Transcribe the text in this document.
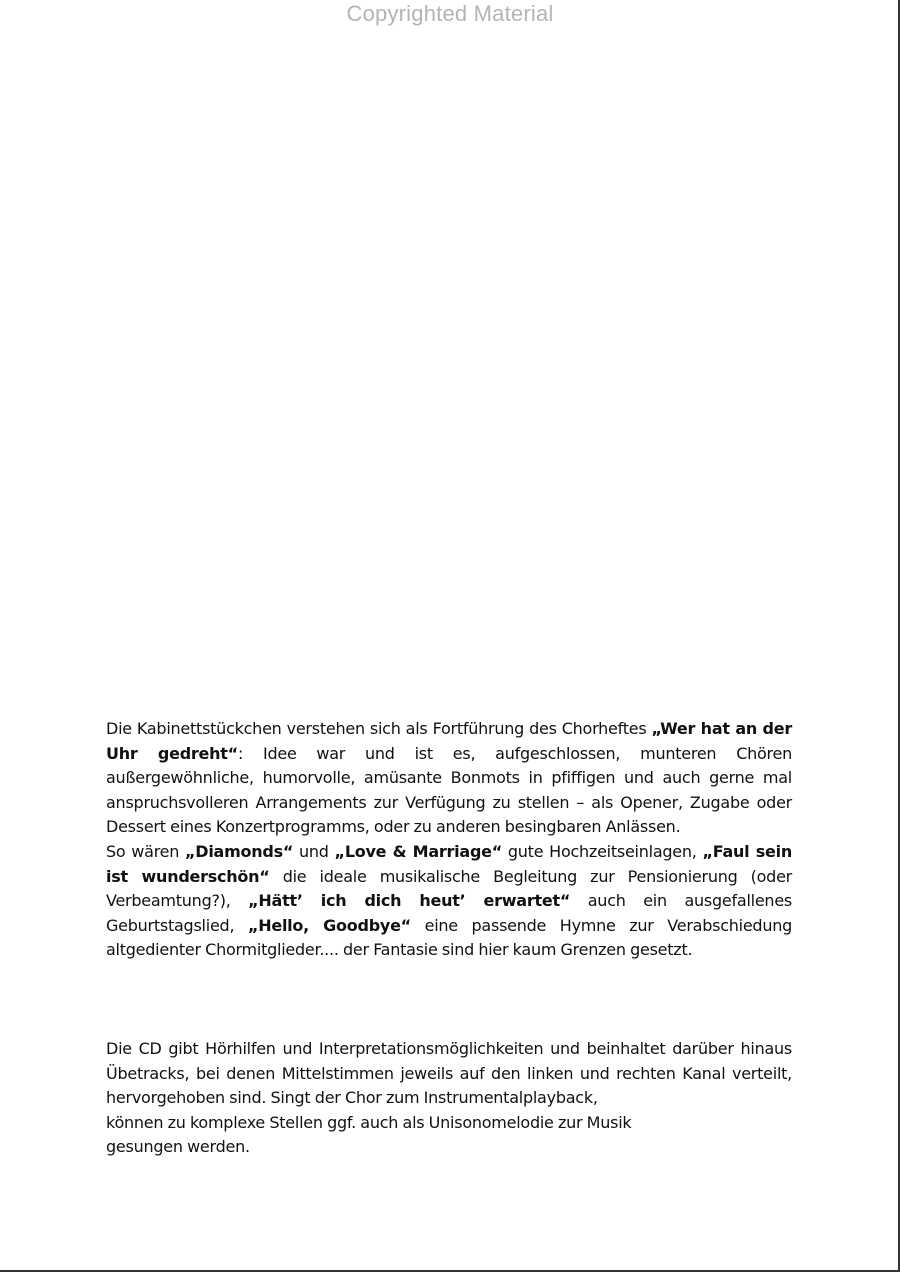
Copyrighted Material

Die Kabinettstückchen verstehen sich als Fortführung des Chorheftes „Wer hat an der Uhr gedreht“: Idee war und ist es, aufgeschlossen, munteren Chören außergewöhnliche, humorvolle, amüsante Bonmots in pfiffigen und auch gerne mal anspruchsvolleren Arrangements zur Verfügung zu stellen – als Opener, Zugabe oder Dessert eines Konzertprogramms, oder zu anderen besingbaren Anlässen.

So wären „Diamonds“ und „Love & Marriage“ gute Hochzeitseinlagen, „Faul sein ist wunderschön“ die ideale musikalische Begleitung zur Pensionierung (oder Verbeamtung?), „Hätt’ ich dich heut’ erwartet“ auch ein ausgefallenes Geburtstagslied, „Hello, Goodbye“ eine passende Hymne zur Verabschiedung altgedienter Chormitglieder.... der Fantasie sind hier kaum Grenzen gesetzt.

Die CD gibt Hörhilfen und Interpretationsmöglichkeiten und beinhaltet darüber hinaus Übetracks, bei denen Mittelstimmen jeweils auf den linken und rechten Kanal verteilt, hervorgehoben sind. Singt der Chor zum Instrumentalplayback,
können zu komplexe Stellen ggf. auch als Unisonomelodie zur Musik
gesungen werden.
